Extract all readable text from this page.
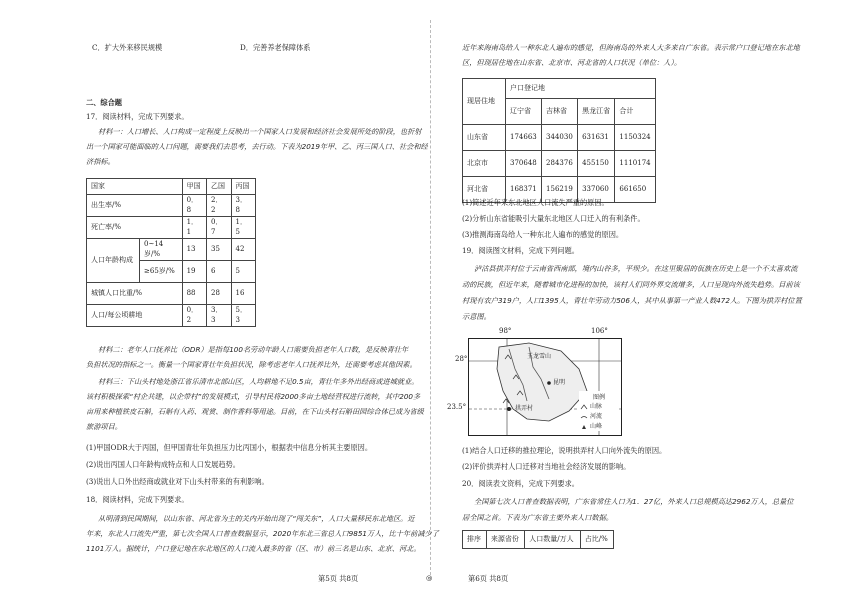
C．扩大外来移民规模	D．完善养老保障体系

二、综合题

17．阅读材料，完成下列要求。

材料一：人口增长、人口构成一定程度上反映出一个国家人口发展和经济社会发展所处的阶段，也折射

出一个国家可能面临的人口问题，需要我们去思考，去行动。下表为2019年甲、乙、丙三国人口、社会和经

济指标。

国家		甲国	乙国	丙国
出生率/%		0．8	2．2	3．8
死亡率/%		1．1	0．7	1．5
人口年龄构成	0~14岁/%	13	35	42
	≥65岁/%	19	6	5
城镇人口比重/%		88	28	16
人口/每公顷耕地		0．2	3．3	5．3

材料二：老年人口抚养比（ODR）是指每100名劳动年龄人口需要负担老年人口数，是反映青壮年

负担状况的指标之一。衡量一个国家青壮年负担状况，除考虑老年人口抚养比外，还需要考虑其他因素。

材料三：下山头村地处浙江省乐清市北部山区，人均耕地不足0.5亩，青壮年多外出经商或进城就业。

该村积极探索“村企共建，以企带村”的发展模式，引导村民将2000多亩土地经营权进行流转，其中200多

亩用来种植铁皮石斛，石斛有入药、观赏、制作香料等用途。目前，在下山头村石斛田园综合体已成为省级

旅游项目。

(1)甲国ODR大于丙国，但甲国青壮年负担压力比丙国小，根据表中信息分析其主要原因。

(2)说出丙国人口年龄构成特点和人口发展趋势。

(3)说出人口外出经商或就业对下山头村带来的有利影响。

18．阅读材料，完成下列要求。

从明清到民国期间，以山东省、河北省为主的关内开始出现了“闯关东”，人口大量移民东北地区。近

年来，东北人口流失严重，第七次全国人口普查数据显示，2020年东北三省总人口9851万人，比十年前减少了

1101万人。据统计，户口登记地在东北地区的人口流入最多的省（区、市）前三名是山东、北京、河北。

近年来海南岛给人一种东北人遍布的感觉，但海南岛的外来人大多来自广东省。表示常户口登记地在东北地

区，但现居住地在山东省、北京市、河北省的人口状况（单位：人）。

现居住地	户口登记地			
	辽宁省	吉林省	黑龙江省	合计
山东省	174663	344030	631631	1150324
北京市	370648	284376	455150	1110174
河北省	168371	156219	337060	661650

(1)简述近年来东北地区人口流失严重的原因。

(2)分析山东省能吸引大量东北地区人口迁入的有利条件。

(3)推测海南岛给人一种东北人遍布的感觉的原因。

19．阅读图文材料，完成下列问题。

泸沽县拱弄村位于云南省西南部，境内山谷多，平坝少。在这里聚居的佤族在历史上是一个不太喜欢流

动的民族，但近年来，随着城市化进程的加快，该村人们同外界交流增多，人口呈现向外流失趋势。目前该

村现有农户319户，人口1395人，青壮年劳动力506人，其中从事第一产业人数472人。下图为拱弄村位置

示意图。

98°	106°
28°
23.5°
玉龙雪山
昆明
拱弄村
图例
山脉
河流
山峰

(1)结合人口迁移的推拉理论，说明拱弄村人口向外流失的原因。

(2)评价拱弄村人口迁移对当地社会经济发展的影响。

20．阅读表文资料，完成下列要求。

全国第七次人口普查数据表明，广东省常住人口为1．27亿，外来人口总规模高达2962万人，总量位

居全国之首。下表为广东省主要外来人口数据。

排序	来源省份	人口数量/万人	占比/%

第5页 共8页	◎	第6页 共8页
